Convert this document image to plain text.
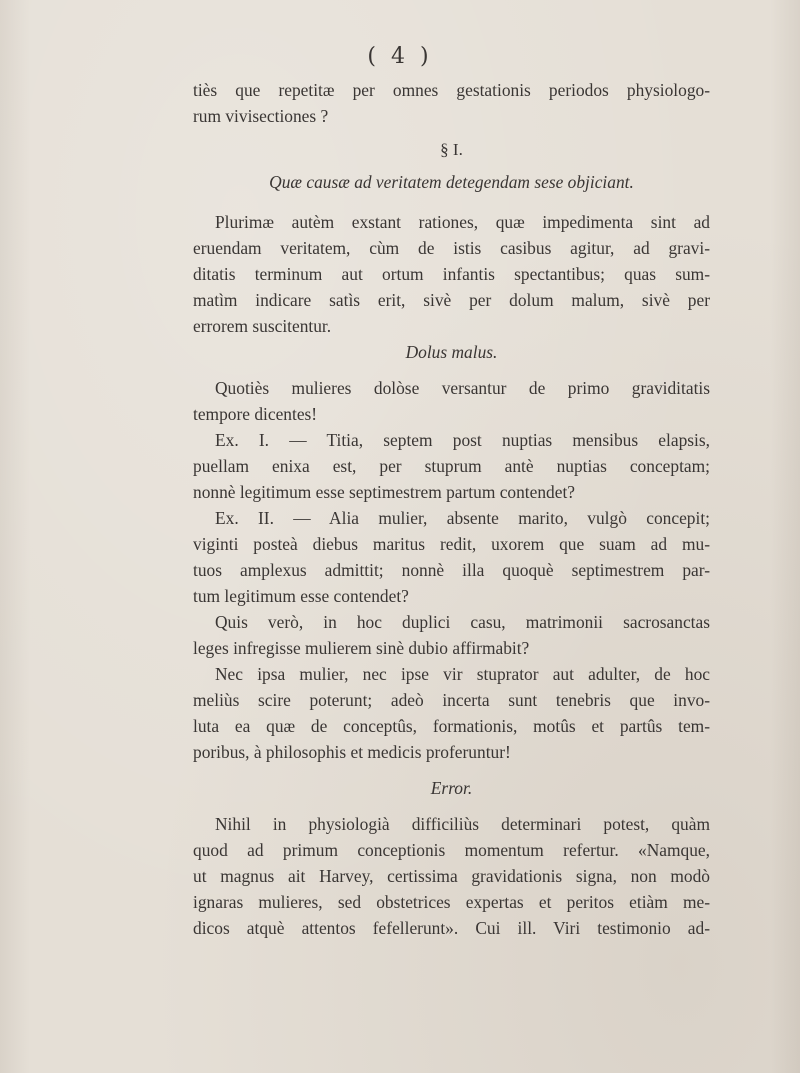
( 4 )
tiès que repetitæ per omnes gestationis periodos physiologo-
rum vivisectiones ?
§ I.
Quæ causæ ad veritatem detegendam sese objiciant.
Plurimæ autèm exstant rationes, quæ impedimenta sint ad
eruendam veritatem, cùm de istis casibus agitur, ad gravi-
ditatis terminum aut ortum infantis spectantibus; quas sum-
matìm indicare satìs erit, sivè per dolum malum, sivè per
errorem suscitentur.
Dolus malus.
Quotiès mulieres dolòse versantur de primo graviditatis
tempore dicentes!
Ex. I. — Titia, septem post nuptias mensibus elapsis,
puellam enixa est, per stuprum antè nuptias conceptam;
nonnè legitimum esse septimestrem partum contendet?
Ex. II. — Alia mulier, absente marito, vulgò concepit;
viginti posteà diebus maritus redit, uxorem que suam ad mu-
tuos amplexus admittit; nonnè illa quoquè septimestrem par-
tum legitimum esse contendet?
Quis verò, in hoc duplici casu, matrimonii sacrosanctas
leges infregisse mulierem sinè dubio affirmabit?
Nec ipsa mulier, nec ipse vir stuprator aut adulter, de hoc
meliùs scire poterunt; adeò incerta sunt tenebris que invo-
luta ea quæ de conceptûs, formationis, motûs et partûs tem-
poribus, à philosophis et medicis proferuntur!
Error.
Nihil in physiologià difficiliùs determinari potest, quàm
quod ad primum conceptionis momentum refertur. «Namque,
ut magnus ait Harvey, certissima gravidationis signa, non modò
ignaras mulieres, sed obstetrices expertas et peritos etiàm me-
dicos atquè attentos fefellerunt». Cui ill. Viri testimonio ad-
